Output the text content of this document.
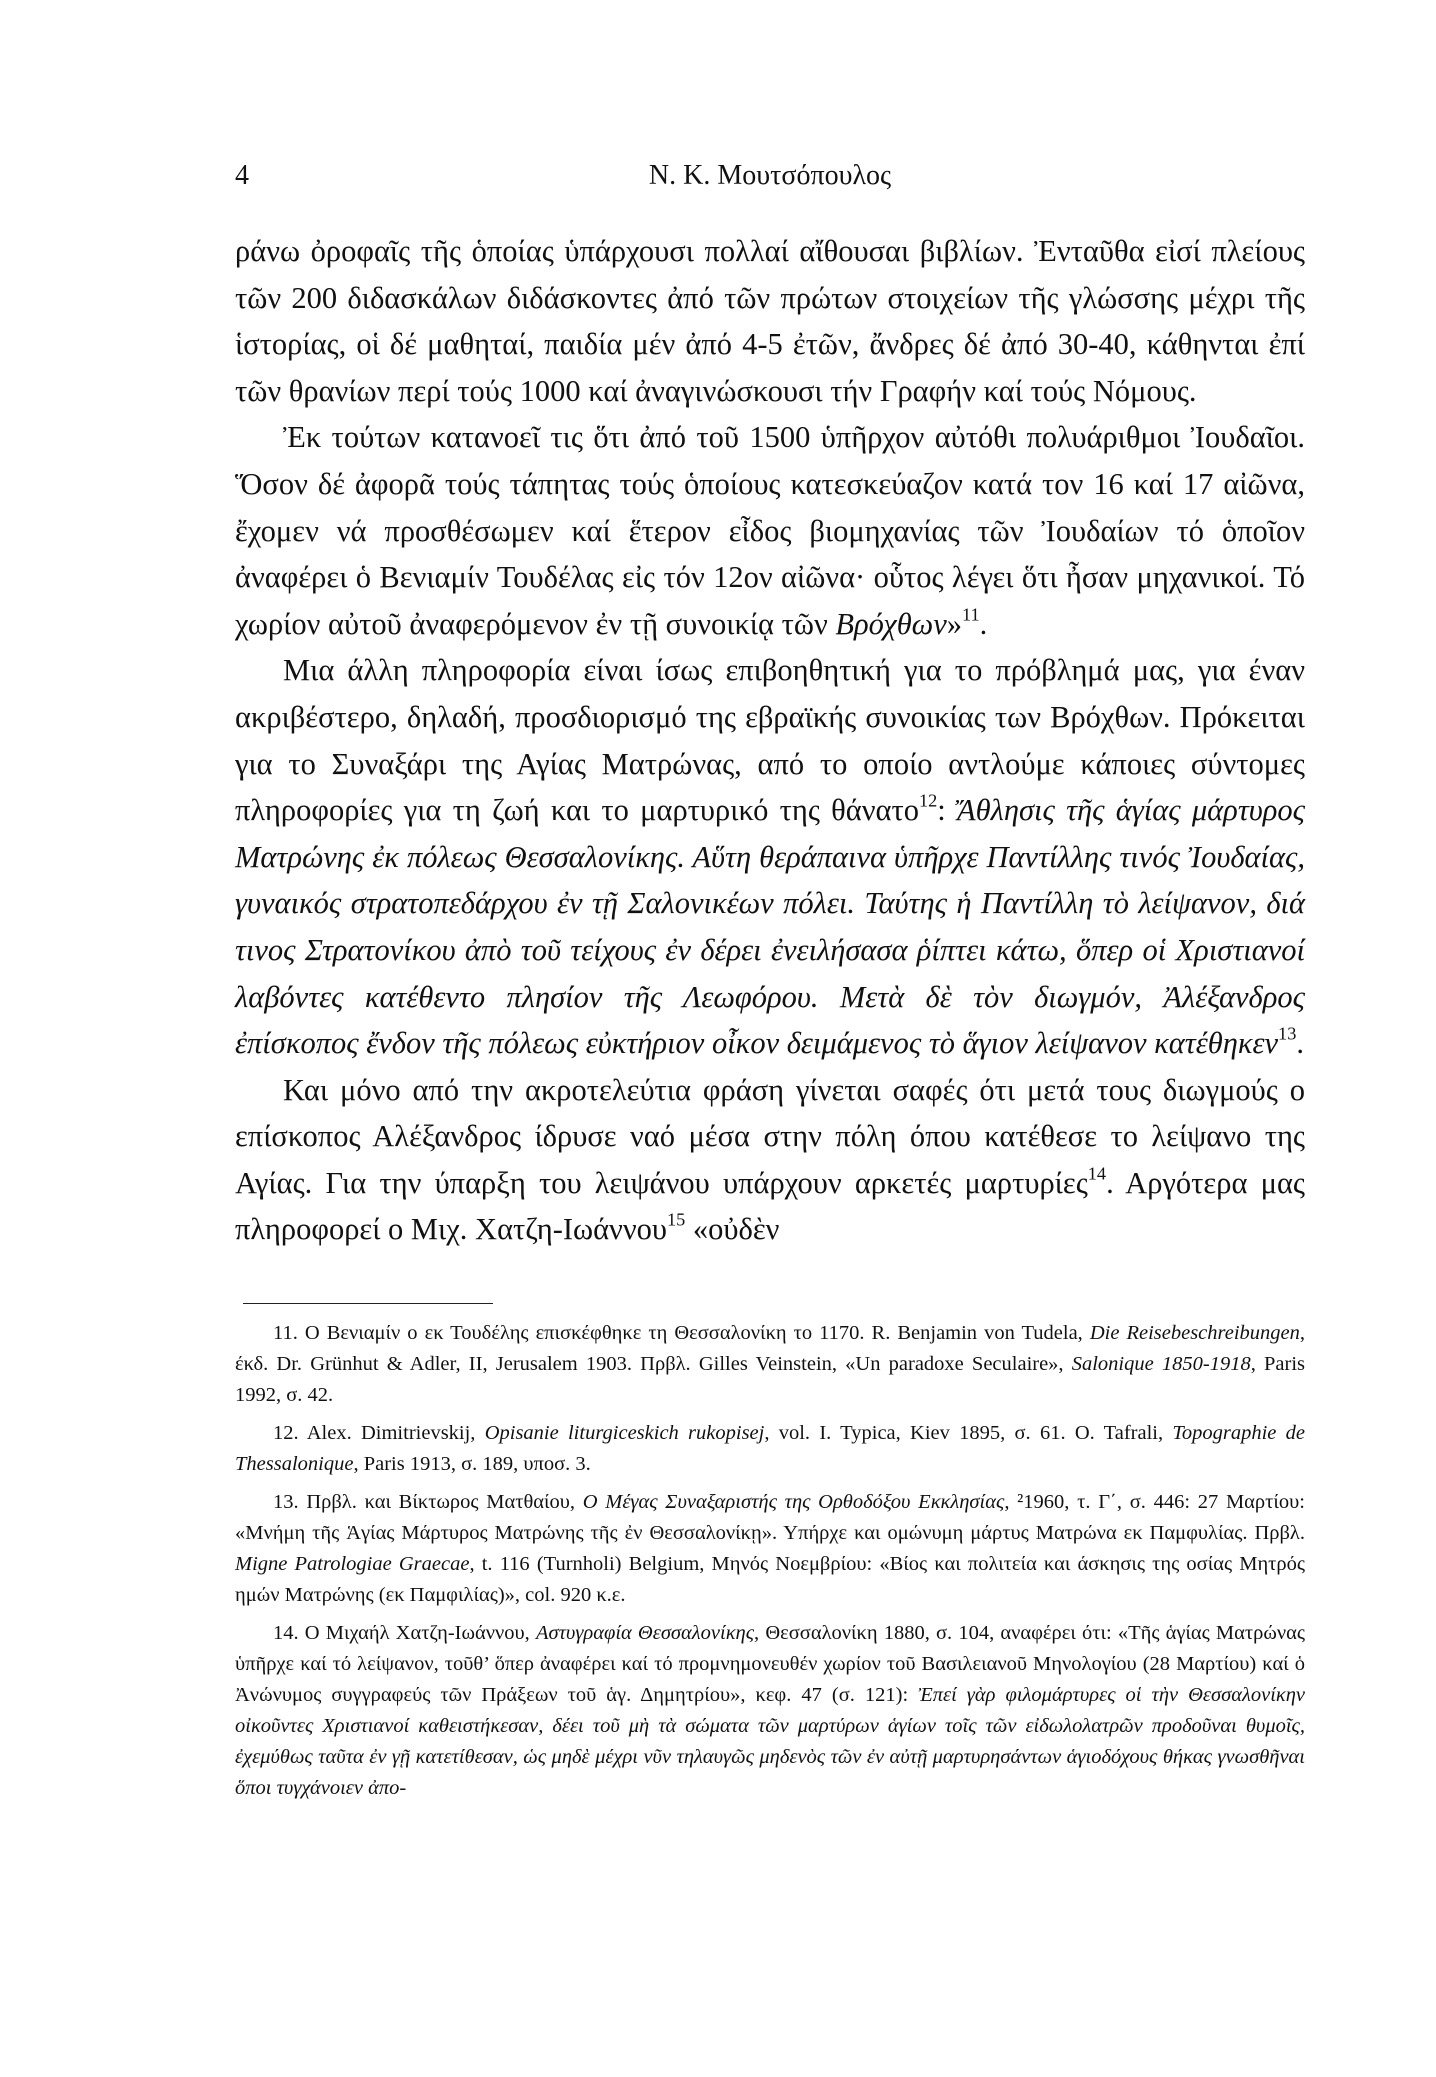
4	Ν. Κ. Μουτσόπουλος

ράνω ὀροφαῖς τῆς ὁποίας ὑπάρχουσι πολλαί αἴθουσαι βιβλίων. Ἐνταῦθα εἰσί πλείους τῶν 200 διδασκάλων διδάσκοντες ἀπό τῶν πρώτων στοιχείων τῆς γλώσσης μέχρι τῆς ἱστορίας, οἱ δέ μαθηταί, παιδία μέν ἀπό 4-5 ἐτῶν, ἄνδρες δέ ἀπό 30-40, κάθηνται ἐπί τῶν θρανίων περί τούς 1000 καί ἀναγινώσκουσι τήν Γραφήν καί τούς Νόμους.

Ἐκ τούτων κατανοεῖ τις ὅτι ἀπό τοῦ 1500 ὑπῆρχον αὐτόθι πολυάριθμοι Ἰουδαῖοι. Ὅσον δέ ἀφορᾶ τούς τάπητας τούς ὁποίους κατεσκεύαζον κατά τον 16 καί 17 αἰῶνα, ἔχομεν νά προσθέσωμεν καί ἕτερον εἶδος βιομηχανίας τῶν Ἰουδαίων τό ὁποῖον ἀναφέρει ὁ Βενιαμίν Τουδέλας εἰς τόν 12ον αἰῶνα· οὗτος λέγει ὅτι ἦσαν μηχανικοί. Τό χωρίον αὐτοῦ ἀναφερόμενον ἐν τῇ συνοικίᾳ τῶν Βρόχθων»$^{11}$.

Μια άλλη πληροφορία είναι ίσως επιβοηθητική για το πρόβλημά μας, για έναν ακριβέστερο, δηλαδή, προσδιορισμό της εβραϊκής συνοικίας των Βρόχθων. Πρόκειται για το Συναξάρι της Αγίας Ματρώνας, από το οποίο αντλούμε κάποιες σύντομες πληροφορίες για τη ζωή και το μαρτυρικό της θάνατο$^{12}$: Ἄθλησις τῆς ἁγίας μάρτυρος Ματρώνης ἐκ πόλεως Θεσσαλονίκης. Αὕτη θεράπαινα ὑπῆρχε Παντίλλης τινός Ἰουδαίας, γυναικός στρατοπεδάρχου ἐν τῇ Σαλονικέων πόλει. Ταύτης ἡ Παντίλλη τὸ λείψανον, διά τινος Στρατονίκου ἀπὸ τοῦ τείχους ἐν δέρει ἐνειλήσασα ῥίπτει κάτω, ὅπερ οἱ Χριστιανοί λαβόντες κατέθεντο πλησίον τῆς Λεωφόρου. Μετὰ δὲ τὸν διωγμόν, Ἀλέξανδρος ἐπίσκοπος ἔνδον τῆς πόλεως εὐκτήριον οἶκον δειμάμενος τὸ ἅγιον λείψανον κατέθηκεν$^{13}$.

Και μόνο από την ακροτελεύτια φράση γίνεται σαφές ότι μετά τους διωγμούς ο επίσκοπος Αλέξανδρος ίδρυσε ναό μέσα στην πόλη όπου κατέθεσε το λείψανο της Αγίας. Για την ύπαρξη του λειψάνου υπάρχουν αρκετές μαρτυρίες$^{14}$. Αργότερα μας πληροφορεί ο Μιχ. Χατζη-Ιωάννου$^{15}$ «οὐδὲν

11. Ο Βενιαμίν ο εκ Τουδέλης επισκέφθηκε τη Θεσσαλονίκη το 1170. R. Benjamin von Tudela, Die Reisebeschreibungen, έκδ. Dr. Grünhut & Adler, II, Jerusalem 1903. Πρβλ. Gilles Veinstein, «Un paradoxe Seculaire», Salonique 1850-1918, Paris 1992, σ. 42.

12. Alex. Dimitrievskij, Opisanie liturgiceskich rukopisej, vol. I. Typica, Kiev 1895, σ. 61. O. Tafrali, Topographie de Thessalonique, Paris 1913, σ. 189, υποσ. 3.

13. Πρβλ. και Βίκτωρος Ματθαίου, Ο Μέγας Συναξαριστής της Ορθοδόξου Εκκλησίας, ²1960, τ. Γ΄, σ. 446: 27 Μαρτίου: «Μνήμη τῆς Ἁγίας Μάρτυρος Ματρώνης τῆς ἐν Θεσσαλονίκῃ». Υπήρχε και ομώνυμη μάρτυς Ματρώνα εκ Παμφυλίας. Πρβλ. Migne Patrologiae Graecae, t. 116 (Turnholi) Belgium, Μηνός Νοεμβρίου: «Βίος και πολιτεία και άσκησις της οσίας Μητρός ημών Ματρώνης (εκ Παμφιλίας)», col. 920 κ.ε.

14. Ο Μιχαήλ Χατζη-Ιωάννου, Αστυγραφία Θεσσαλονίκης, Θεσσαλονίκη 1880, σ. 104, αναφέρει ότι: «Τῆς ἁγίας Ματρώνας ὑπῆρχε καί τό λείψανον, τοῦθ’ ὅπερ ἀναφέρει καί τό προμνημονευθέν χωρίον τοῦ Βασιλειανοῦ Μηνολογίου (28 Μαρτίου) καί ὁ Ἀνώνυμος συγγραφεύς τῶν Πράξεων τοῦ ἁγ. Δημητρίου», κεφ. 47 (σ. 121): Ἐπεί γὰρ φιλομάρτυρες οἱ τὴν Θεσσαλονίκην οἰκοῦντες Χριστιανοί καθειστήκεσαν, δέει τοῦ μὴ τὰ σώματα τῶν μαρτύρων ἁγίων τοῖς τῶν εἰδωλολατρῶν προδοῦναι θυμοῖς, ἐχεμύθως ταῦτα ἐν γῇ κατετίθεσαν, ὡς μηδὲ μέχρι νῦν τηλαυγῶς μηδενὸς τῶν ἐν αὐτῇ μαρτυρησάντων ἁγιοδόχους θήκας γνωσθῆναι ὅποι τυγχάνοιεν ἀπο-
